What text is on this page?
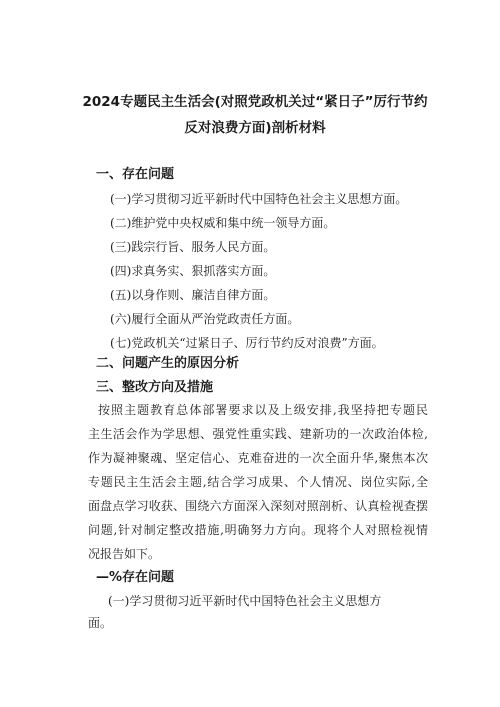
2024专题民主生活会(对照党政机关过“紧日子”厉行节约
反对浪费方面)剖析材料
一、存在问题
(一)学习贯彻习近平新时代中国特色社会主义思想方面。
(二)维护党中央权威和集中统一领导方面。
(三)践宗行旨、服务人民方面。
(四)求真务实、狠抓落实方面。
(五)以身作则、廉洁自律方面。
(六)履行全面从严治党政责任方面。
(七)党政机关“过紧日子、厉行节约反对浪费”方面。
二、问题产生的原因分析
三、整改方向及措施
按照主题教育总体部署要求以及上级安排,我坚持把专题民
主生活会作为学思想、强党性重实践、建新功的一次政治体检,
作为凝神聚魂、坚定信心、克难奋进的一次全面升华,聚焦本次
专题民主生活会主题,结合学习成果、个人情况、岗位实际,全
面盘点学习收获、围绕六方面深入深刻对照剖析、认真检视查摆
问题,针对制定整改措施,明确努力方向。现将个人对照检视情
况报告如下。
—%存在问题
(一)学习贯彻习近平新时代中国特色社会主义思想方
面。
